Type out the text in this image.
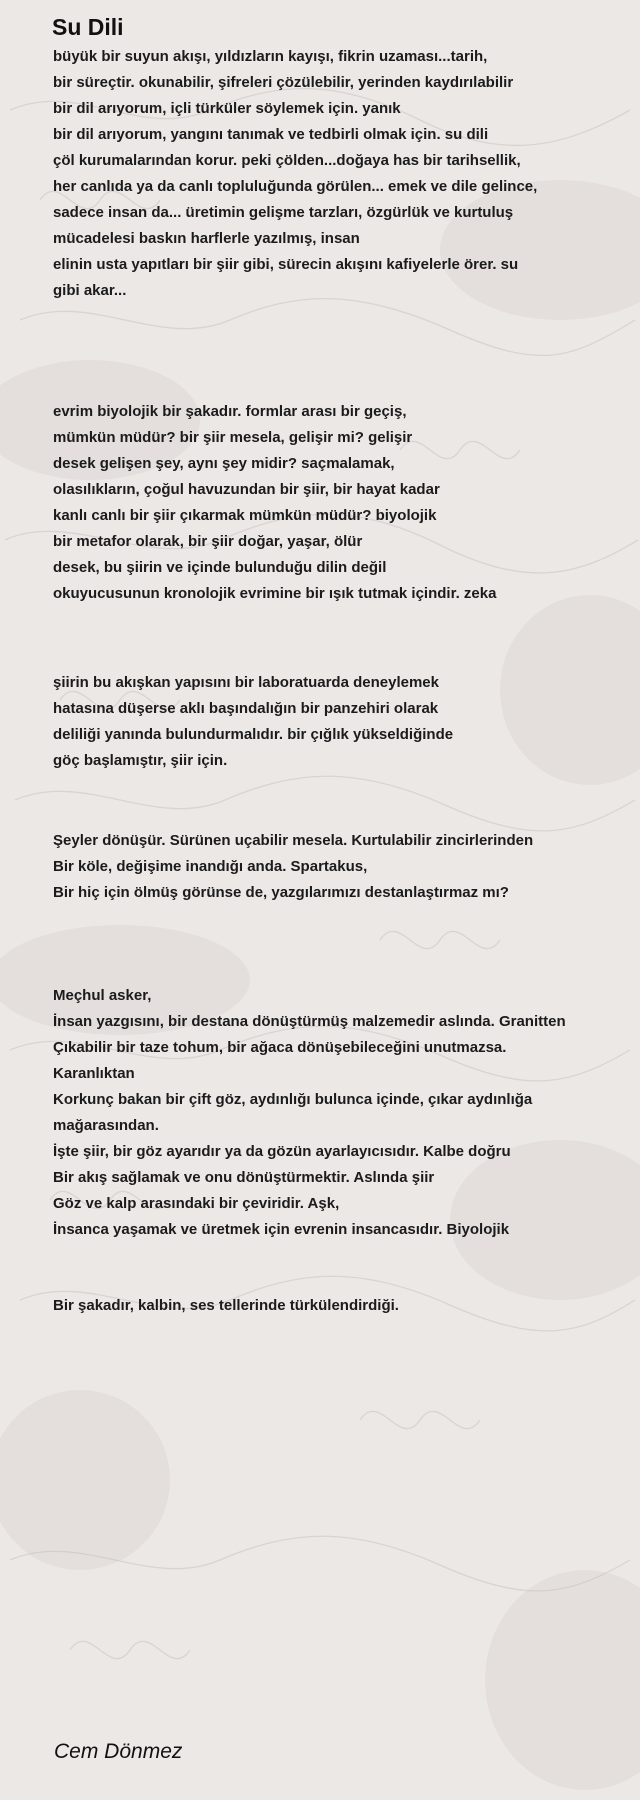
Su Dili

büyük bir suyun akışı, yıldızların kayışı, fikrin uzaması...tarih,
bir süreçtir. okunabilir, şifreleri çözülebilir, yerinden kaydırılabilir
bir dil arıyorum, içli türküler söylemek için. yanık
bir dil arıyorum, yangını tanımak ve tedbirli olmak için. su dili
çöl kurumalarından korur. peki çölden...doğaya has bir tarihsellik,
her canlıda ya da canlı topluluğunda görülen... emek ve dile gelince,
sadece insan da... üretimin gelişme tarzları, özgürlük ve kurtuluş
mücadelesi baskın harflerle yazılmış, insan
elinin usta yapıtları bir şiir gibi, sürecin akışını kafiyelerle örer. su
gibi akar...

evrim biyolojik bir şakadır. formlar arası bir geçiş,
mümkün müdür? bir şiir mesela, gelişir mi? gelişir
desek gelişen şey, aynı şey midir? saçmalamak,
olasılıkların, çoğul havuzundan bir şiir, bir hayat kadar
kanlı canlı bir şiir çıkarmak mümkün müdür? biyolojik
bir metafor olarak, bir şiir doğar, yaşar, ölür
desek, bu şiirin ve içinde bulunduğu dilin değil
okuyucusunun kronolojik evrimine bir ışık tutmak içindir. zeka

şiirin bu akışkan yapısını bir laboratuarda deneylemek
hatasına düşerse aklı başındalığın bir panzehiri olarak
deliliği yanında bulundurmalıdır. bir çığlık yükseldiğinde
göç başlamıştır, şiir için.

Şeyler dönüşür. Sürünen uçabilir mesela. Kurtulabilir zincirlerinden
Bir köle, değişime inandığı anda. Spartakus,
Bir hiç için ölmüş görünse de, yazgılarımızı destanlaştırmaz mı?

Meçhul asker,
İnsan yazgısını, bir destana dönüştürmüş malzemedir aslında. Granitten
Çıkabilir bir taze tohum, bir ağaca dönüşebileceğini unutmazsa.
Karanlıktan
Korkunç bakan bir çift göz, aydınlığı bulunca içinde, çıkar aydınlığa
mağarasından.
İşte şiir, bir göz ayarıdır ya da gözün ayarlayıcısıdır. Kalbe doğru
Bir akış sağlamak ve onu dönüştürmektir. Aslında şiir
Göz ve kalp arasındaki bir çeviridir. Aşk,
İnsanca yaşamak ve üretmek için evrenin insancasıdır. Biyolojik

Bir şakadır, kalbin, ses tellerinde türkülendirdiği.

Cem Dönmez
